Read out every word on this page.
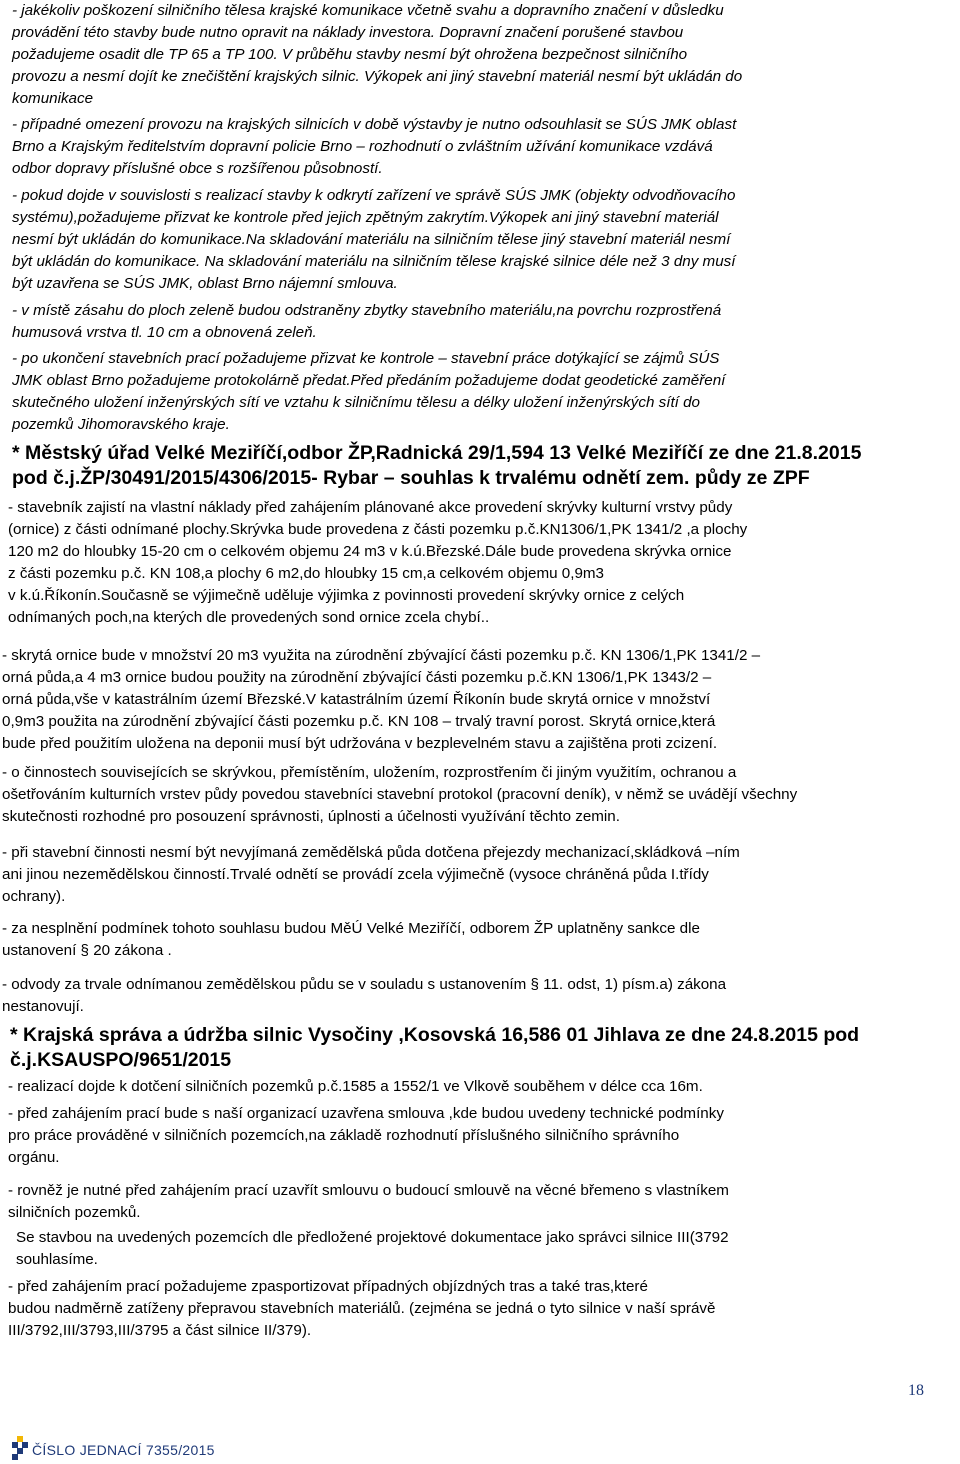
- jakékoliv poškození silničního tělesa krajské komunikace včetně svahu a dopravního značení v důsledku
provádění této stavby bude nutno opravit na náklady investora. Dopravní značení porušené stavbou
požadujeme osadit dle TP 65 a TP 100. V průběhu stavby nesmí být ohrožena bezpečnost silničního
provozu a nesmí dojít ke znečištění krajských silnic. Výkopek ani jiný stavební materiál nesmí být ukládán do
komunikace

- případné omezení provozu na krajských silnicích v době výstavby je nutno odsouhlasit se SÚS JMK oblast
Brno a Krajským ředitelstvím dopravní policie Brno – rozhodnutí o zvláštním užívání komunikace vzdává
odbor dopravy příslušné obce s rozšířenou působností.

- pokud dojde v souvislosti s realizací stavby k odkrytí zařízení ve správě SÚS JMK (objekty odvodňovacího
systému),požadujeme přizvat ke kontrole před jejich zpětným zakrytím.Výkopek ani jiný stavební materiál
nesmí být ukládán do komunikace.Na skladování materiálu na silničním tělese jiný stavební materiál nesmí
být ukládán do komunikace. Na skladování materiálu na silničním tělese krajské silnice déle než 3 dny musí
být uzavřena se SÚS JMK, oblast Brno nájemní smlouva.

- v místě zásahu do ploch zeleně budou odstraněny zbytky stavebního materiálu,na povrchu rozprostřená
humusová vrstva tl. 10 cm a obnovená zeleň.

- po ukončení stavebních prací požadujeme přizvat ke kontrole – stavební práce dotýkající se zájmů SÚS
JMK oblast Brno požadujeme protokolárně předat.Před předáním požadujeme dodat geodetické zaměření
skutečného uložení inženýrských sítí ve vztahu k silničnímu tělesu a délky uložení inženýrských sítí do
pozemků Jihomoravského kraje.

* Městský úřad Velké Meziříčí,odbor ŽP,Radnická 29/1,594 13 Velké Meziříčí ze dne 21.8.2015
pod č.j.ŽP/30491/2015/4306/2015- Rybar – souhlas k trvalému odnětí zem. půdy ze ZPF

- stavebník zajistí na vlastní náklady před zahájením plánované akce provedení skrývky kulturní vrstvy půdy
(ornice) z části odnímané plochy.Skrývka bude provedena z části pozemku p.č.KN1306/1,PK 1341/2 ,a plochy
120 m2 do hloubky 15-20 cm o celkovém objemu 24 m3 v k.ú.Březské.Dále bude provedena skrývka ornice
z části pozemku p.č. KN 108,a plochy 6 m2,do hloubky 15 cm,a celkovém objemu 0,9m3
v k.ú.Říkonín.Současně se výjimečně uděluje výjimka z povinnosti provedení skrývky ornice z celých
odnímaných poch,na kterých dle provedených sond ornice zcela chybí..

- skrytá ornice bude v množství 20 m3 využita na zúrodnění zbývající části pozemku p.č. KN 1306/1,PK 1341/2 –
orná půda,a 4 m3 ornice budou použity na zúrodnění zbývající části pozemku p.č.KN 1306/1,PK 1343/2 –
orná půda,vše v katastrálním území Březské.V katastrálním území Říkonín bude skrytá ornice v množství
0,9m3 použita na zúrodnění zbývající části pozemku p.č. KN 108 – trvalý travní porost. Skrytá ornice,která
bude před použitím uložena na deponii musí být udržována v bezplevelném stavu a zajištěna proti zcizení.

- o činnostech souvisejících se skrývkou, přemístěním, uložením, rozprostřením či jiným využitím, ochranou a
ošetřováním kulturních vrstev půdy povedou stavebníci stavební protokol (pracovní deník), v němž se uvádějí všechny
skutečnosti rozhodné pro posouzení správnosti, úplnosti a účelnosti využívání těchto zemin.

- při stavební činnosti nesmí být nevyjímaná zemědělská půda dotčena přejezdy mechanizací,skládková –ním
ani jinou nezemědělskou činností.Trvalé odnětí se provádí zcela výjimečně (vysoce chráněná půda I.třídy
ochrany).

- za nesplnění podmínek tohoto souhlasu budou MěÚ Velké Meziříčí, odborem ŽP uplatněny sankce dle
ustanovení § 20 zákona .

- odvody za trvale odnímanou zemědělskou půdu se v souladu s ustanovením § 11. odst, 1) písm.a) zákona
nestanovují.

* Krajská správa a údržba silnic Vysočiny ,Kosovská 16,586 01 Jihlava ze dne 24.8.2015 pod
č.j.KSAUSPO/9651/2015

- realizací dojde k dotčení silničních pozemků p.č.1585 a 1552/1 ve Vlkově souběhem v délce cca 16m.

- před zahájením prací bude s naší organizací uzavřena smlouva ,kde budou uvedeny technické podmínky
pro práce prováděné v silničních pozemcích,na základě rozhodnutí příslušného silničního správního
orgánu.

- rovněž je nutné před zahájením prací uzavřít smlouvu o budoucí smlouvě na věcné břemeno s vlastníkem
silničních pozemků.

Se stavbou na uvedených pozemcích dle předložené projektové dokumentace jako správci silnice III(3792
souhlasíme.

- před zahájením prací požadujeme zpasportizovat případných objízdných tras a také tras,které
budou nadměrně zatíženy přepravou stavebních materiálů. (zejména se jedná o tyto silnice v naší správě
III/3792,III/3793,III/3795 a část silnice II/379).

18
ČÍSLO JEDNACÍ 7355/2015
